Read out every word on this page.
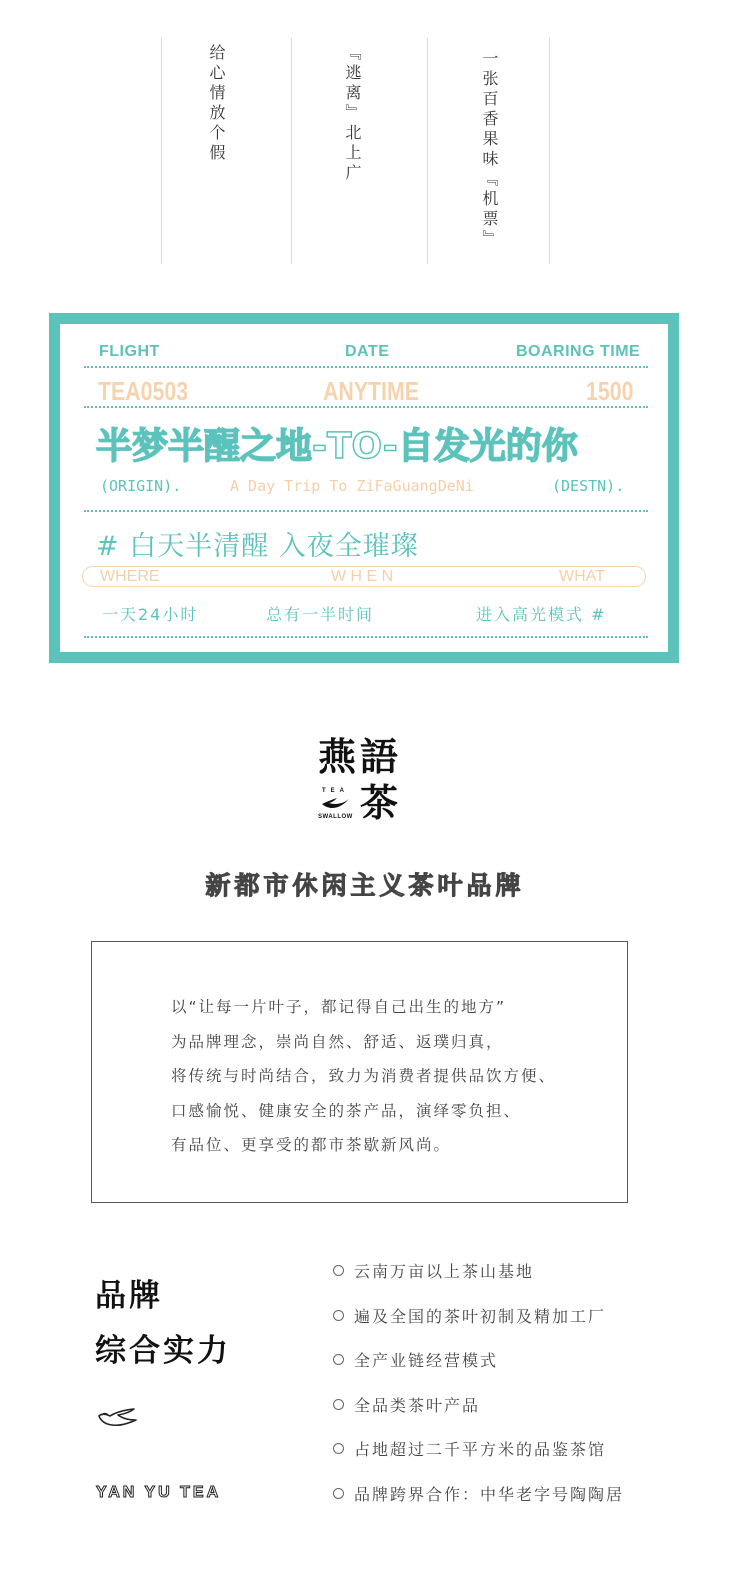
给心情放个假	『逃离』北上广	一张百香果味『机票』
FLIGHT	DATE	BOARING TIME
TEA0503	ANYTIME	1500
半梦半醒之地-TO-自发光的你
(ORIGIN).	A Day Trip To ZiFaGuangDeNi	(DESTN).
# 白天半清醒 入夜全璀璨
WHERE	W H E N	WHAT
一天24小时	总有一半时间	进入高光模式 #
燕 語
TEA 茶
SWALLOW
新都市休闲主义茶叶品牌
以“让每一片叶子，都记得自己出生的地方”
为品牌理念，崇尚自然、舒适、返璞归真，
将传统与时尚结合，致力为消费者提供品饮方便、
口感愉悦、健康安全的茶产品，演绎零负担、
有品位、更享受的都市茶歇新风尚。
品牌
综合实力
YAN YU TEA
云南万亩以上茶山基地
遍及全国的茶叶初制及精加工厂
全产业链经营模式
全品类茶叶产品
占地超过二千平方米的品鉴茶馆
品牌跨界合作：中华老字号陶陶居
